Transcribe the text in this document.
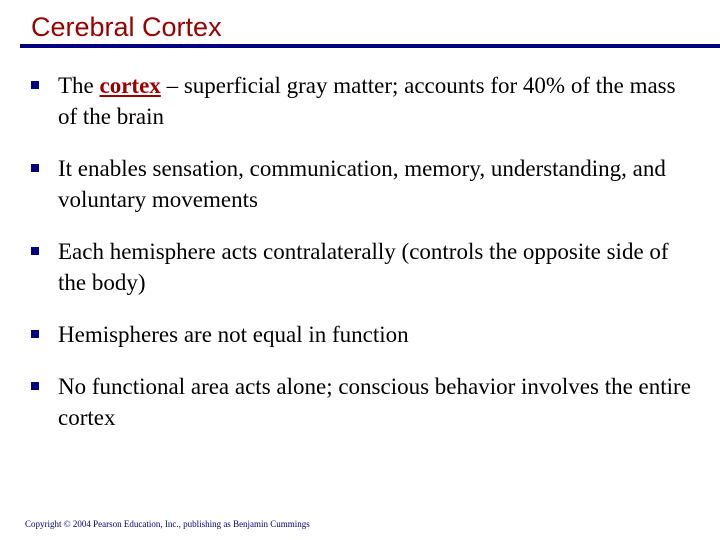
Cerebral Cortex
The cortex – superficial gray matter; accounts for 40% of the mass of the brain
It enables sensation, communication, memory, understanding, and voluntary movements
Each hemisphere acts contralaterally (controls the opposite side of the body)
Hemispheres are not equal in function
No functional area acts alone; conscious behavior involves the entire cortex
Copyright © 2004 Pearson Education, Inc., publishing as Benjamin Cummings
